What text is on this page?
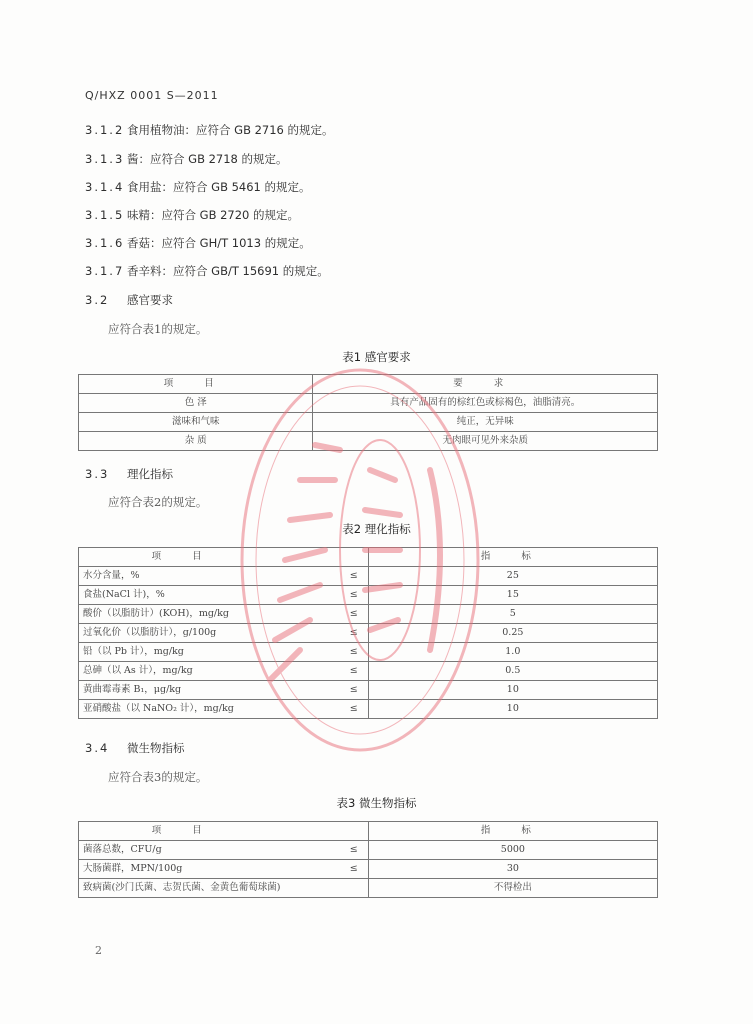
Q/HXZ 0001 S—2011
3.1.2 食用植物油：应符合 GB 2716 的规定。
3.1.3 酱：应符合 GB 2718 的规定。
3.1.4 食用盐：应符合 GB 5461 的规定。
3.1.5 味精：应符合 GB 2720 的规定。
3.1.6 香菇：应符合 GH/T 1013 的规定。
3.1.7 香辛料：应符合 GB/T 15691 的规定。
3.2 感官要求
应符合表1的规定。
表1 感官要求
项 目	要 求
色 泽	具有产品固有的棕红色或棕褐色，油脂清亮。
滋味和气味	纯正，无异味
杂 质	无肉眼可见外来杂质
3.3 理化指标
应符合表2的规定。
表2 理化指标
项 目		指 标
水分含量，%	≤	25
食盐(NaCl 计)，%	≤	15
酸价（以脂肪计）(KOH)，mg/kg	≤	5
过氧化价（以脂肪计），g/100g	≤	0.25
铅（以 Pb 计），mg/kg	≤	1.0
总砷（以 As 计），mg/kg	≤	0.5
黄曲霉毒素 B₁，μg/kg	≤	10
亚硝酸盐（以 NaNO₂ 计），mg/kg	≤	10
3.4 微生物指标
应符合表3的规定。
表3 微生物指标
项 目		指 标
菌落总数，CFU/g	≤	5000
大肠菌群，MPN/100g	≤	30
致病菌(沙门氏菌、志贺氏菌、金黄色葡萄球菌)		不得检出
2
